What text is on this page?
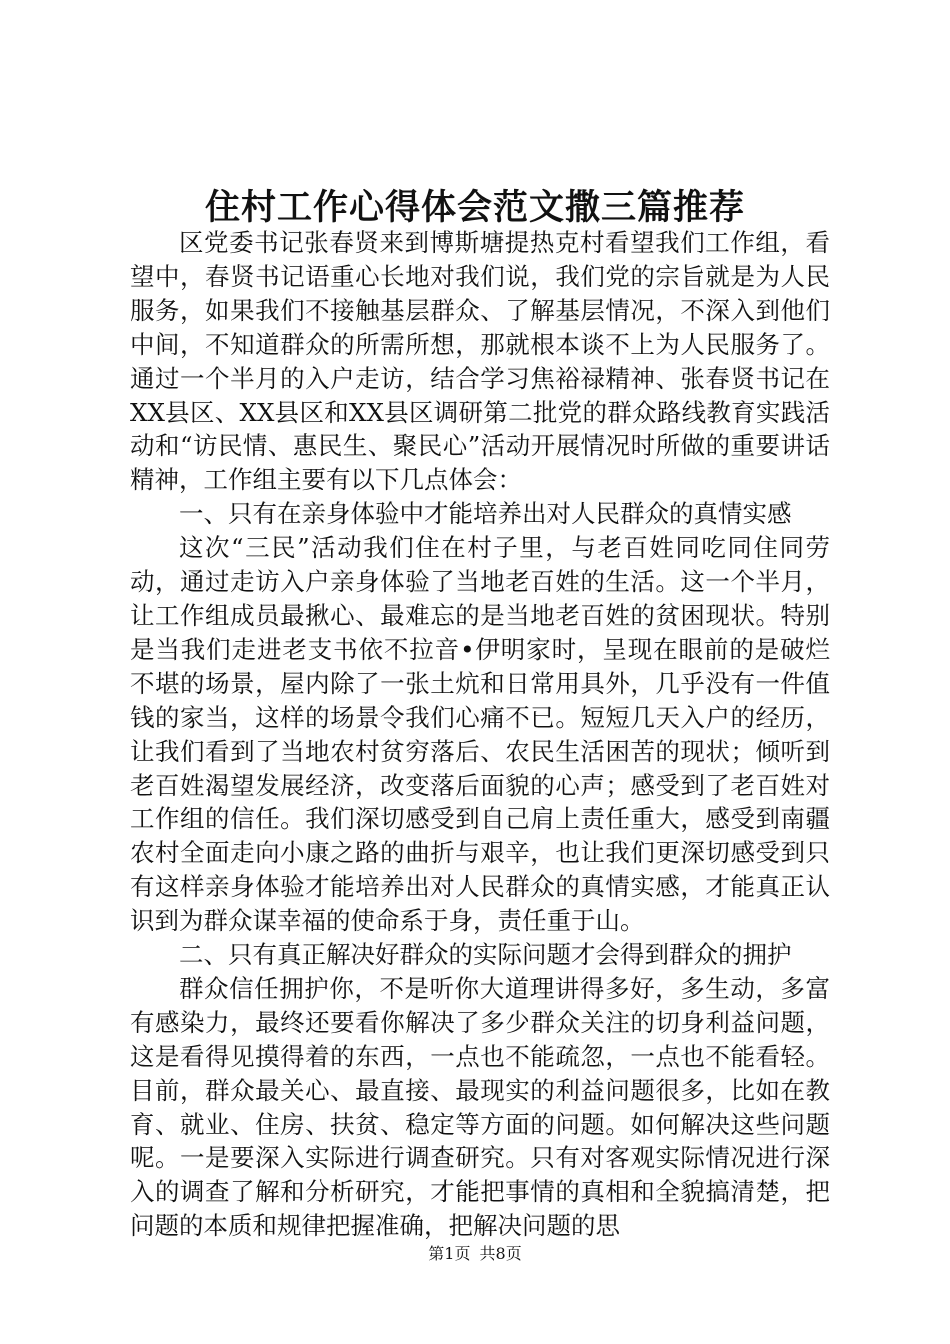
住村工作心得体会范文撒三篇推荐

区党委书记张春贤来到博斯塘提热克村看望我们工作组，看望中，春贤书记语重心长地对我们说，我们党的宗旨就是为人民服务，如果我们不接触基层群众、了解基层情况，不深入到他们中间，不知道群众的所需所想，那就根本谈不上为人民服务了。通过一个半月的入户走访，结合学习焦裕禄精神、张春贤书记在XX县区、XX县区和XX县区调研第二批党的群众路线教育实践活动和“访民情、惠民生、聚民心”活动开展情况时所做的重要讲话精神，工作组主要有以下几点体会：

一、只有在亲身体验中才能培养出对人民群众的真情实感

这次“三民”活动我们住在村子里，与老百姓同吃同住同劳动，通过走访入户亲身体验了当地老百姓的生活。这一个半月，让工作组成员最揪心、最难忘的是当地老百姓的贫困现状。特别是当我们走进老支书依不拉音•伊明家时，呈现在眼前的是破烂不堪的场景，屋内除了一张土炕和日常用具外，几乎没有一件值钱的家当，这样的场景令我们心痛不已。短短几天入户的经历，让我们看到了当地农村贫穷落后、农民生活困苦的现状；倾听到老百姓渴望发展经济，改变落后面貌的心声；感受到了老百姓对工作组的信任。我们深切感受到自己肩上责任重大，感受到南疆农村全面走向小康之路的曲折与艰辛，也让我们更深切感受到只有这样亲身体验才能培养出对人民群众的真情实感，才能真正认识到为群众谋幸福的使命系于身，责任重于山。

二、只有真正解决好群众的实际问题才会得到群众的拥护

群众信任拥护你，不是听你大道理讲得多好，多生动，多富有感染力，最终还要看你解决了多少群众关注的切身利益问题，这是看得见摸得着的东西，一点也不能疏忽，一点也不能看轻。目前，群众最关心、最直接、最现实的利益问题很多，比如在教育、就业、住房、扶贫、稳定等方面的问题。如何解决这些问题呢。一是要深入实际进行调查研究。只有对客观实际情况进行深入的调查了解和分析研究，才能把事情的真相和全貌搞清楚，把问题的本质和规律把握准确，把解决问题的思

第1页 共8页
